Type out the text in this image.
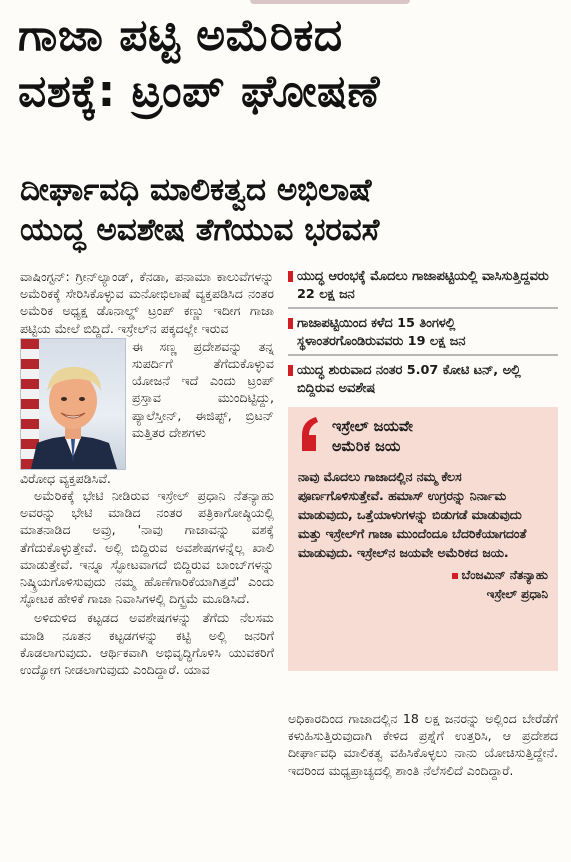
ಗಾಜಾ ಪಟ್ಟಿ ಅಮೆರಿಕದ
ವಶಕ್ಕೆ: ಟ್ರಂಪ್ ಘೋಷಣೆ
ದೀರ್ಘಾವಧಿ ಮಾಲಿಕತ್ವದ ಅಭಿಲಾಷೆ
ಯುದ್ಧ ಅವಶೇಷ ತೆಗೆಯುವ ಭರವಸೆ

ವಾಷಿಂಗ್ಟನ್: ಗ್ರೀನ್‌ಲ್ಯಾಂಡ್, ಕೆನಡಾ, ಪನಾಮಾ ಕಾಲುವೆಗಳನ್ನು ಅಮೆರಿಕಕ್ಕೆ ಸೇರಿಸಿಕೊಳ್ಳುವ ಮನೋಭಿಲಾಷೆ ವ್ಯಕ್ತಪಡಿಸಿದ ನಂತರ ಅಮೆರಿಕ ಅಧ್ಯಕ್ಷ ಡೊನಾಲ್ಡ್ ಟ್ರಂಪ್ ಕಣ್ಣು ಇದೀಗ ಗಾಜಾ ಪಟ್ಟಿಯ ಮೇಲೆ ಬಿದ್ದಿದೆ. ಇಸ್ರೇಲ್‌ನ ಪಕ್ಕದಲ್ಲೇ ಇರುವ

ಈ ಸಣ್ಣ ಪ್ರದೇಶವನ್ನು ತನ್ನ ಸುಪರ್ದಿಗೆ ತೆಗೆದುಕೊಳ್ಳುವ ಯೋಜನೆ ಇದೆ ಎಂದು ಟ್ರಂಪ್ ಪ್ರಸ್ತಾವ ಮುಂದಿಟ್ಟಿದ್ದು, ಪ್ಯಾಲೆಸ್ತೀನ್, ಈಜಿಪ್ಟ್, ಬ್ರಿಟನ್ ಮತ್ತಿತರ ದೇಶಗಳು

ವಿರೋಧ ವ್ಯಕ್ತಪಡಿಸಿವೆ.

ಅಮೆರಿಕಕ್ಕೆ ಭೇಟಿ ನೀಡಿರುವ ಇಸ್ರೇಲ್ ಪ್ರಧಾನಿ ನೆತನ್ಯಾಹು ಅವರನ್ನು ಭೇಟಿ ಮಾಡಿದ ನಂತರ ಪತ್ರಿಕಾಗೋಷ್ಠಿಯಲ್ಲಿ ಮಾತನಾಡಿದ ಅವ್ರು, 'ನಾವು ಗಾಜಾವನ್ನು ವಶಕ್ಕೆ ತೆಗೆದುಕೊಳ್ಳುತ್ತೇವೆ. ಅಲ್ಲಿ ಬಿದ್ದಿರುವ ಅವಶೇಷಗಳನ್ನೆಲ್ಲ ಖಾಲಿ ಮಾಡುತ್ತೇವೆ. ಇನ್ನೂ ಸ್ಫೋಟವಾಗದೆ ಬಿದ್ದಿರುವ ಬಾಂಬ್‌ಗಳನ್ನು ನಿಷ್ಕ್ರಿಯಗೊಳಿಸುವುದು ನಮ್ಮ ಹೊಣೆಗಾರಿಕೆಯಾಗಿತ್ತದೆ' ಎಂದು ಸ್ಫೋಟಕ ಹೇಳಿಕೆ ಗಾಜಾ ನಿವಾಸಿಗಳಲ್ಲಿ ದಿಗ್ಭ್ರಮೆ ಮೂಡಿಸಿದೆ.

ಅಳಿದುಳಿದ ಕಟ್ಟಡದ ಅವಶೇಷಗಳನ್ನು ತೆಗೆದು ನೆಲಸಮ ಮಾಡಿ ನೂತನ ಕಟ್ಟಡಗಳನ್ನು ಕಟ್ಟಿ ಅಲ್ಲಿ ಜನರಿಗೆ ಕೊಡಲಾಗುವುದು. ಆರ್ಥಿಕವಾಗಿ ಅಭಿವೃದ್ಧಿಗೊಳಿಸಿ ಯುವಕರಿಗೆ ಉದ್ಯೋಗ ನೀಡಲಾಗುವುದು ಎಂದಿದ್ದಾರೆ. ಯಾವ

ಯುದ್ಧ ಆರಂಭಕ್ಕೆ ಮೊದಲು ಗಾಜಾಪಟ್ಟಿಯಲ್ಲಿ ವಾಸಿಸುತ್ತಿದ್ದವರು 22 ಲಕ್ಷ ಜನ
ಗಾಜಾಪಟ್ಟಿಯಿಂದ ಕಳೆದ 15 ತಿಂಗಳಲ್ಲಿ ಸ್ಥಳಾಂತರಗೊಂಡಿರುವವರು 19 ಲಕ್ಷ ಜನ
ಯುದ್ಧ ಶುರುವಾದ ನಂತರ 5.07 ಕೋಟಿ ಟನ್, ಅಲ್ಲಿ ಬಿದ್ದಿರುವ ಅವಶೇಷ
ಇಸ್ರೇಲ್ ಜಯವೇ
ಅಮೆರಿಕ ಜಯ
ನಾವು ಮೊದಲು ಗಾಜಾದಲ್ಲಿನ ನಮ್ಮ ಕೆಲಸ ಪೂರ್ಣಗೊಳಿಸುತ್ತೇವೆ. ಹಮಾಸ್ ಉಗ್ರರನ್ನು ನಿರ್ನಾಮ ಮಾಡುವುದು, ಒತ್ತೆಯಾಳುಗಳನ್ನು ಬಿಡುಗಡೆ ಮಾಡುವುದು ಮತ್ತು ಇಸ್ರೇಲ್‌ಗೆ ಗಾಜಾ ಮುಂದೆಂದೂ ಬೆದರಿಕೆಯಾಗದಂತೆ ಮಾಡುವುದು. ಇಸ್ರೇಲ್‌ನ ಜಯವೇ ಅಮೆರಿಕದ ಜಯ.
ಬೆಂಜಮಿನ್ ನೆತನ್ಯಾಹು
ಇಸ್ರೇಲ್ ಪ್ರಧಾನಿ

ಅಧಿಕಾರದಿಂದ ಗಾಜಾದಲ್ಲಿನ 18 ಲಕ್ಷ ಜನರನ್ನು ಅಲ್ಲಿಂದ ಬೇರೆಡೆಗೆ ಕಳುಹಿಸುತ್ತಿರುವುದಾಗಿ ಕೇಳಿದ ಪ್ರಶ್ನೆಗೆ ಉತ್ತರಿಸಿ, ಆ ಪ್ರದೇಶದ ದೀರ್ಘಾವಧಿ ಮಾಲಿಕತ್ವ ವಹಿಸಿಕೊಳ್ಳಲು ನಾನು ಯೋಚಿಸುತ್ತಿದ್ದೇನೆ. ಇದರಿಂದ ಮಧ್ಯಪ್ರಾಚ್ಯದಲ್ಲಿ ಶಾಂತಿ ನೆಲೆಸಲಿದೆ ಎಂದಿದ್ದಾರೆ.
